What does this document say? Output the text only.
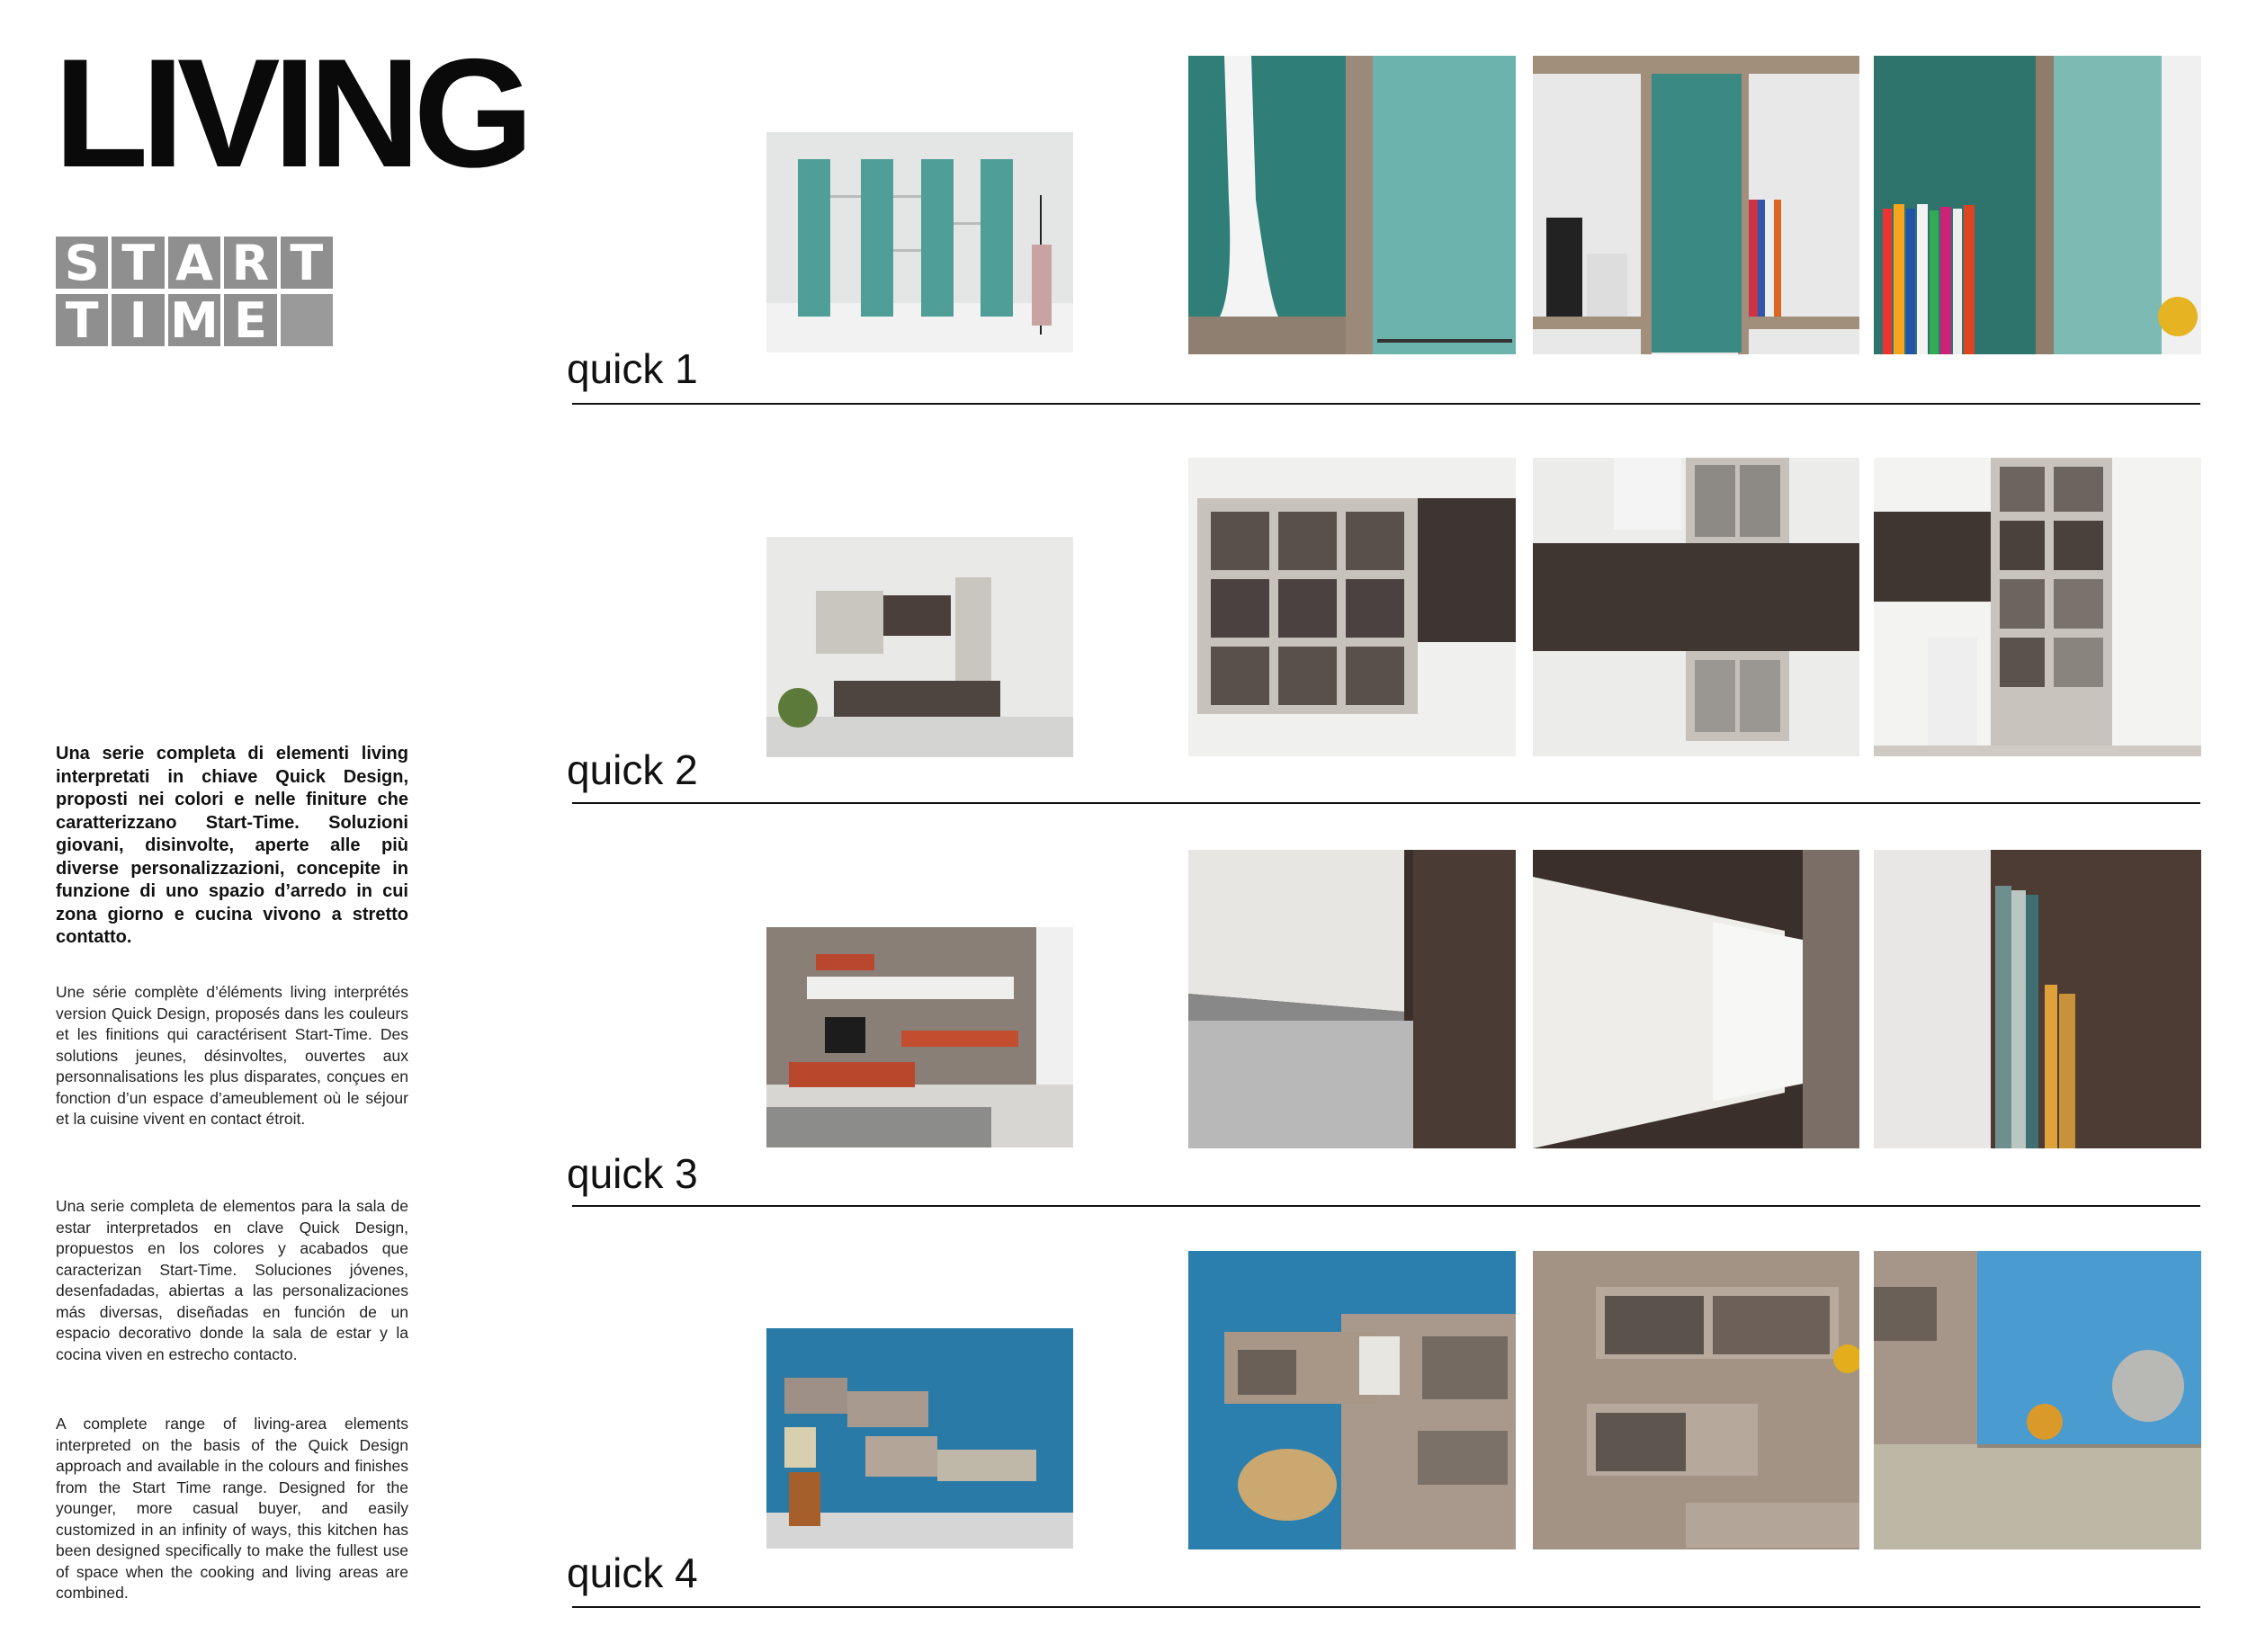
LIVING
S T A R T
T I M E

Una serie completa di elementi living interpretati in chiave Quick Design, proposti nei colori e nelle finiture che caratterizzano Start-Time. Soluzioni giovani, disinvolte, aperte alle più diverse personalizzazioni, concepite in funzione di uno spazio d’arredo in cui zona giorno e cucina vivono a stretto contatto.

Une série complète d’éléments living interprétés version Quick Design, proposés dans les couleurs et les finitions qui caractérisent Start-Time. Des solutions jeunes, désinvoltes, ouvertes aux personnalisations les plus disparates, conçues en fonction d’un espace d’ameublement où le séjour et la cuisine vivent en contact étroit.

Una serie completa de elementos para la sala de estar interpretados en clave Quick Design, propuestos en los colores y acabados que caracterizan Start-Time. Soluciones jóvenes, desenfadadas, abiertas a las personalizaciones más diversas, diseñadas en función de un espacio decorativo donde la sala de estar y la cocina viven en estrecho contacto.

A complete range of living-area elements interpreted on the basis of the Quick Design approach and available in the colours and finishes from the Start Time range. Designed for the younger, more casual buyer, and easily customized in an infinity of ways, this kitchen has been designed specifically to make the fullest use of space when the cooking and living areas are combined.

quick 1
quick 2
quick 3
quick 4
